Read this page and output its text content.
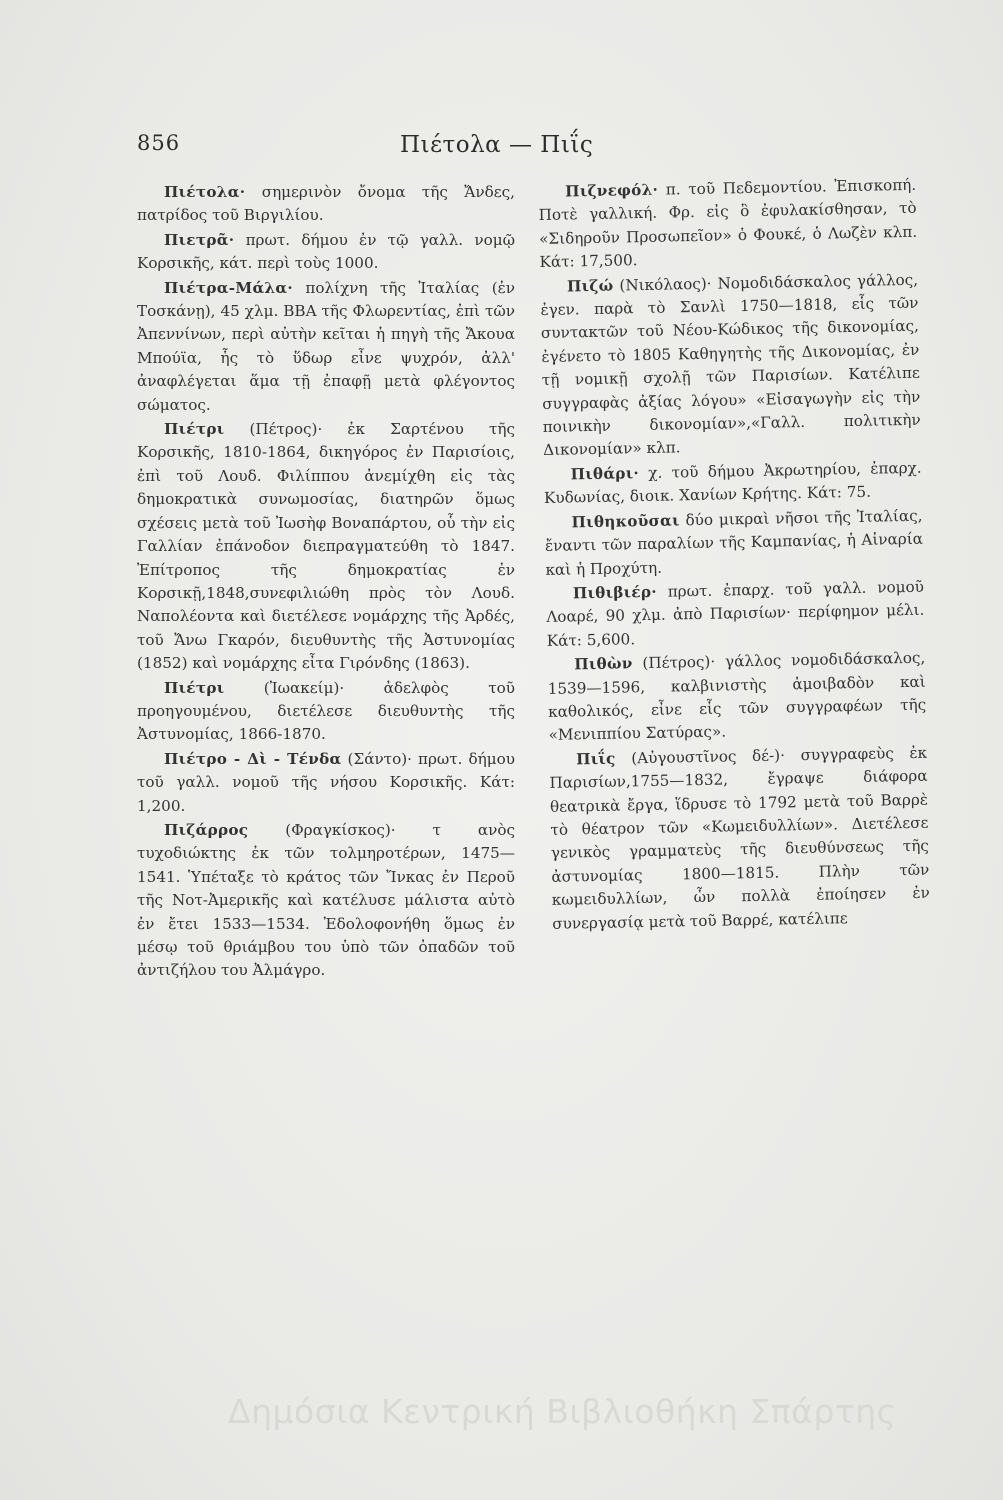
856	Πιέτολα — Πιΐς

Πιέτολα· σημερινὸν ὄνομα τῆς Ἄνδες, πατρίδος τοῦ Βιργιλίου.

Πιετρᾶ· πρωτ. δήμου ἐν τῷ γαλλ. νομῷ Κορσικῆς, κάτ. περὶ τοὺς 1000.

Πιέτρα-Μάλα· πολίχνη τῆς Ἰταλίας (ἐν Τοσκάνῃ), 45 χλμ. ΒΒΑ τῆς Φλωρεντίας, ἐπὶ τῶν Ἀπεννίνων, περὶ αὐτὴν κεῖται ἡ πηγὴ τῆς Ἄκουα Μπούϊα, ἧς τὸ ὕδωρ εἶνε ψυχρόν, ἀλλ' ἀναφλέγεται ἅμα τῇ ἐπαφῇ μετὰ φλέγοντος σώματος.

Πιέτρι (Πέτρος)· ἐκ Σαρτένου τῆς Κορσικῆς, 1810-1864, δικηγόρος ἐν Παρισίοις, ἐπὶ τοῦ Λουδ. Φιλίππου ἀνεμίχθη εἰς τὰς δημοκρατικὰ συνωμοσίας, διατηρῶν ὅμως σχέσεις μετὰ τοῦ Ἰωσὴφ Βοναπάρτου, οὗ τὴν εἰς Γαλλίαν ἐπάνοδον διεπραγματεύθη τὸ 1847. Ἐπίτροπος τῆς δημοκρατίας ἐν Κορσικῇ,1848,συνεφιλιώθη πρὸς τὸν Λουδ. Ναπολέοντα καὶ διετέλεσε νομάρχης τῆς Ἀρδές, τοῦ Ἄνω Γκαρόν, διευθυντὴς τῆς Ἀστυνομίας (1852) καὶ νομάρχης εἶτα Γιρόνδης (1863).

Πιέτρι (Ἰωακείμ)· ἀδελφὸς τοῦ προηγουμένου, διετέλεσε διευθυντὴς τῆς Ἀστυνομίας, 1866-1870.

Πιέτρο - Δὶ - Τένδα (Σάντο)· πρωτ. δήμου τοῦ γαλλ. νομοῦ τῆς νήσου Κορσικῆς. Κάτ: 1,200.

Πιζάρρος (Φραγκίσκος)· τ ανὸς τυχοδιώκτης ἐκ τῶν τολμηροτέρων, 1475—1541. Ὑπέταξε τὸ κράτος τῶν Ἴνκας ἐν Περοῦ τῆς Νοτ-Ἀμερικῆς καὶ κατέλυσε μάλιστα αὐτὸ ἐν ἔτει 1533—1534. Ἐδολοφονήθη ὅμως ἐν μέσῳ τοῦ θριάμβου του ὑπὸ τῶν ὀπαδῶν τοῦ ἀντιζήλου του Ἀλμάγρο.

Πιζνεφόλ· π. τοῦ Πεδεμοντίου. Ἐπισκοπή. Ποτὲ γαλλική. Φρ. εἰς ὃ ἐφυλακίσθησαν, τὸ «Σιδηροῦν Προσωπεῖον» ὁ Φουκέ, ὁ Λωζὲν κλπ. Κάτ: 17,500.

Πιζώ (Νικόλαος)· Νομοδιδάσκαλος γάλλος, ἐγεν. παρὰ τὸ Σανλὶ 1750—1818, εἷς τῶν συντακτῶν τοῦ Νέου-Κώδικος τῆς δικονομίας, ἐγένετο τὸ 1805 Καθηγητὴς τῆς Δικονομίας, ἐν τῇ νομικῇ σχολῇ τῶν Παρισίων. Κατέλιπε συγγραφὰς ἀξίας λόγου» «Εἰσαγωγὴν εἰς τὴν ποινικὴν δικονομίαν»,«Γαλλ. πολιτικὴν Δικονομίαν» κλπ.

Πιθάρι· χ. τοῦ δήμου Ἀκρωτηρίου, ἐπαρχ. Κυδωνίας, διοικ. Χανίων Κρήτης. Κάτ: 75.

Πιθηκοῦσαι δύο μικραὶ νῆσοι τῆς Ἰταλίας, ἔναντι τῶν παραλίων τῆς Καμπανίας, ἡ Αἰναρία καὶ ἡ Προχύτη.

Πιθιβιέρ· πρωτ. ἐπαρχ. τοῦ γαλλ. νομοῦ Λοαρέ, 90 χλμ. ἀπὸ Παρισίων· περίφημον μέλι. Κάτ: 5,600.

Πιθὼν (Πέτρος)· γάλλος νομοδιδάσκαλος, 1539—1596, καλβινιστὴς ἀμοιβαδὸν καὶ καθολικός, εἶνε εἷς τῶν συγγραφέων τῆς «Μενιππίου Σατύρας».

Πιΐς (Αὐγουστῖνος δέ-)· συγγραφεὺς ἐκ Παρισίων,1755—1832, ἔγραψε διάφορα θεατρικὰ ἔργα, ἵδρυσε τὸ 1792 μετὰ τοῦ Βαρρὲ τὸ θέατρον τῶν «Κωμειδυλλίων». Διετέλεσε γενικὸς γραμματεὺς τῆς διευθύνσεως τῆς ἀστυνομίας 1800—1815. Πλὴν τῶν κωμειδυλλίων, ὧν πολλὰ ἐποίησεν ἐν συνεργασίᾳ μετὰ τοῦ Βαρρέ, κατέλιπε

Δημόσια Κεντρική Βιβλιοθήκη Σπάρτης
